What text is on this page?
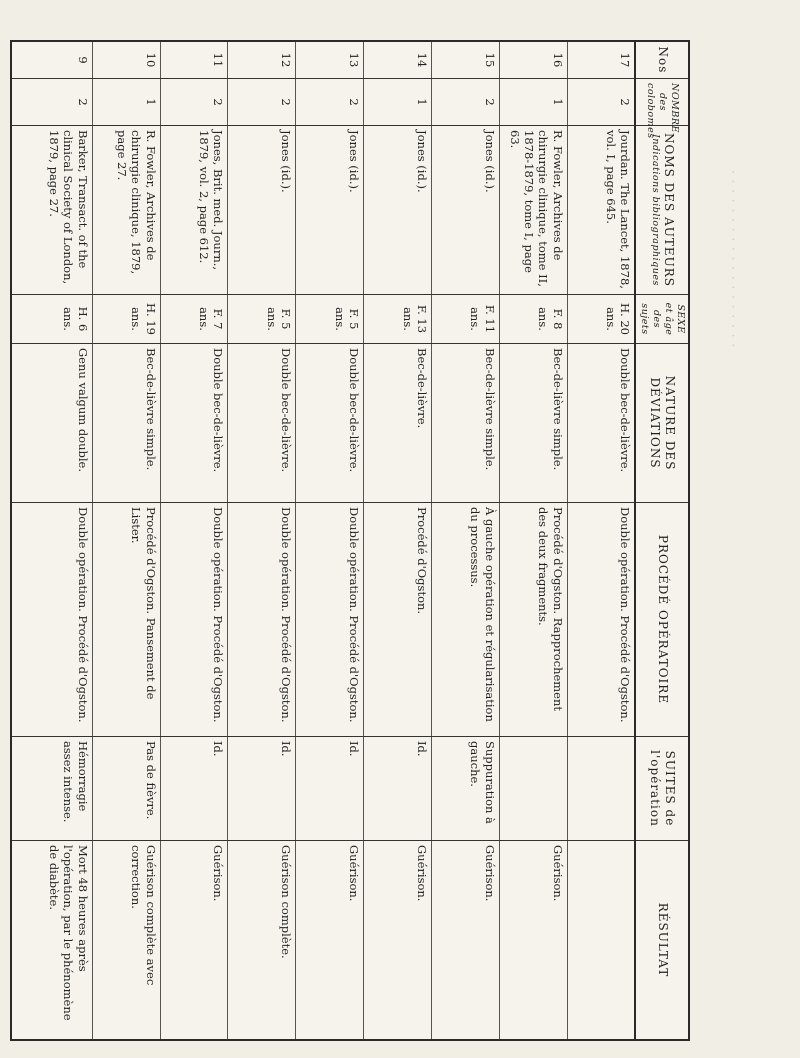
· · · · · · · · · · · · · · · · · · ·
Nos	NOMBRE des colobomes	NOMS DES AUTEURS
Indications bibliographiques	SEXE et âge des sujets	NATURE DES DÉVIATIONS	PROCÉDÉ OPÉRATOIRE	SUITES de l'opération	RÉSULTAT

17	2	Jourdan. The Lancet, 1878, vol. I, page 645.	H. 20 ans.	Double bec-de-lièvre.	Double opération. Procédé d'Ogston.		
16	1	R. Fowler, Archives de chirurgie clinique, tome II, 1878-1879, tome I, page 63.	F. 8 ans.	Bec-de-lièvre simple.	Procédé d'Ogston. Rapprochement des deux fragments.		Guérison.
15	2	Jones (id.).	F. 11 ans.	Bec-de-lièvre simple.	À gauche opération et régularisation du processus.	Suppuration à gauche.	Guérison.
14	1	Jones (id.).	F. 13 ans.	Bec-de-lièvre.	Procédé d'Ogston.	Id.	Guérison.
13	2	Jones (id.).	F. 5 ans.	Double bec-de-lièvre.	Double opération. Procédé d'Ogston.	Id.	Guérison.
12	2	Jones (id.).	F. 5 ans.	Double bec-de-lièvre.	Double opération. Procédé d'Ogston.	Id.	Guérison complète.
11	2	Jones, Brit. med. Journ., 1879, vol. 2, page 612.	F. 7 ans.	Double bec-de-lièvre.	Double opération. Procédé d'Ogston.	Id.	Guérison.
10	1	R. Fowler, Archives de chirurgie clinique, 1879, page 27.	H. 19 ans.	Bec-de-lièvre simple.	Procédé d'Ogston. Pansement de Lister.	Pas de fièvre.	Guérison complète avec correction.
9	2	Barker, Transact. of the clinical Society of London, 1879, page 27.	H. 6 ans.	Genu valgum double.	Double opération. Procédé d'Ogston.	Hémorragie assez intense.	Mort 48 heures après l'opération, par le phénomène de diabète.
